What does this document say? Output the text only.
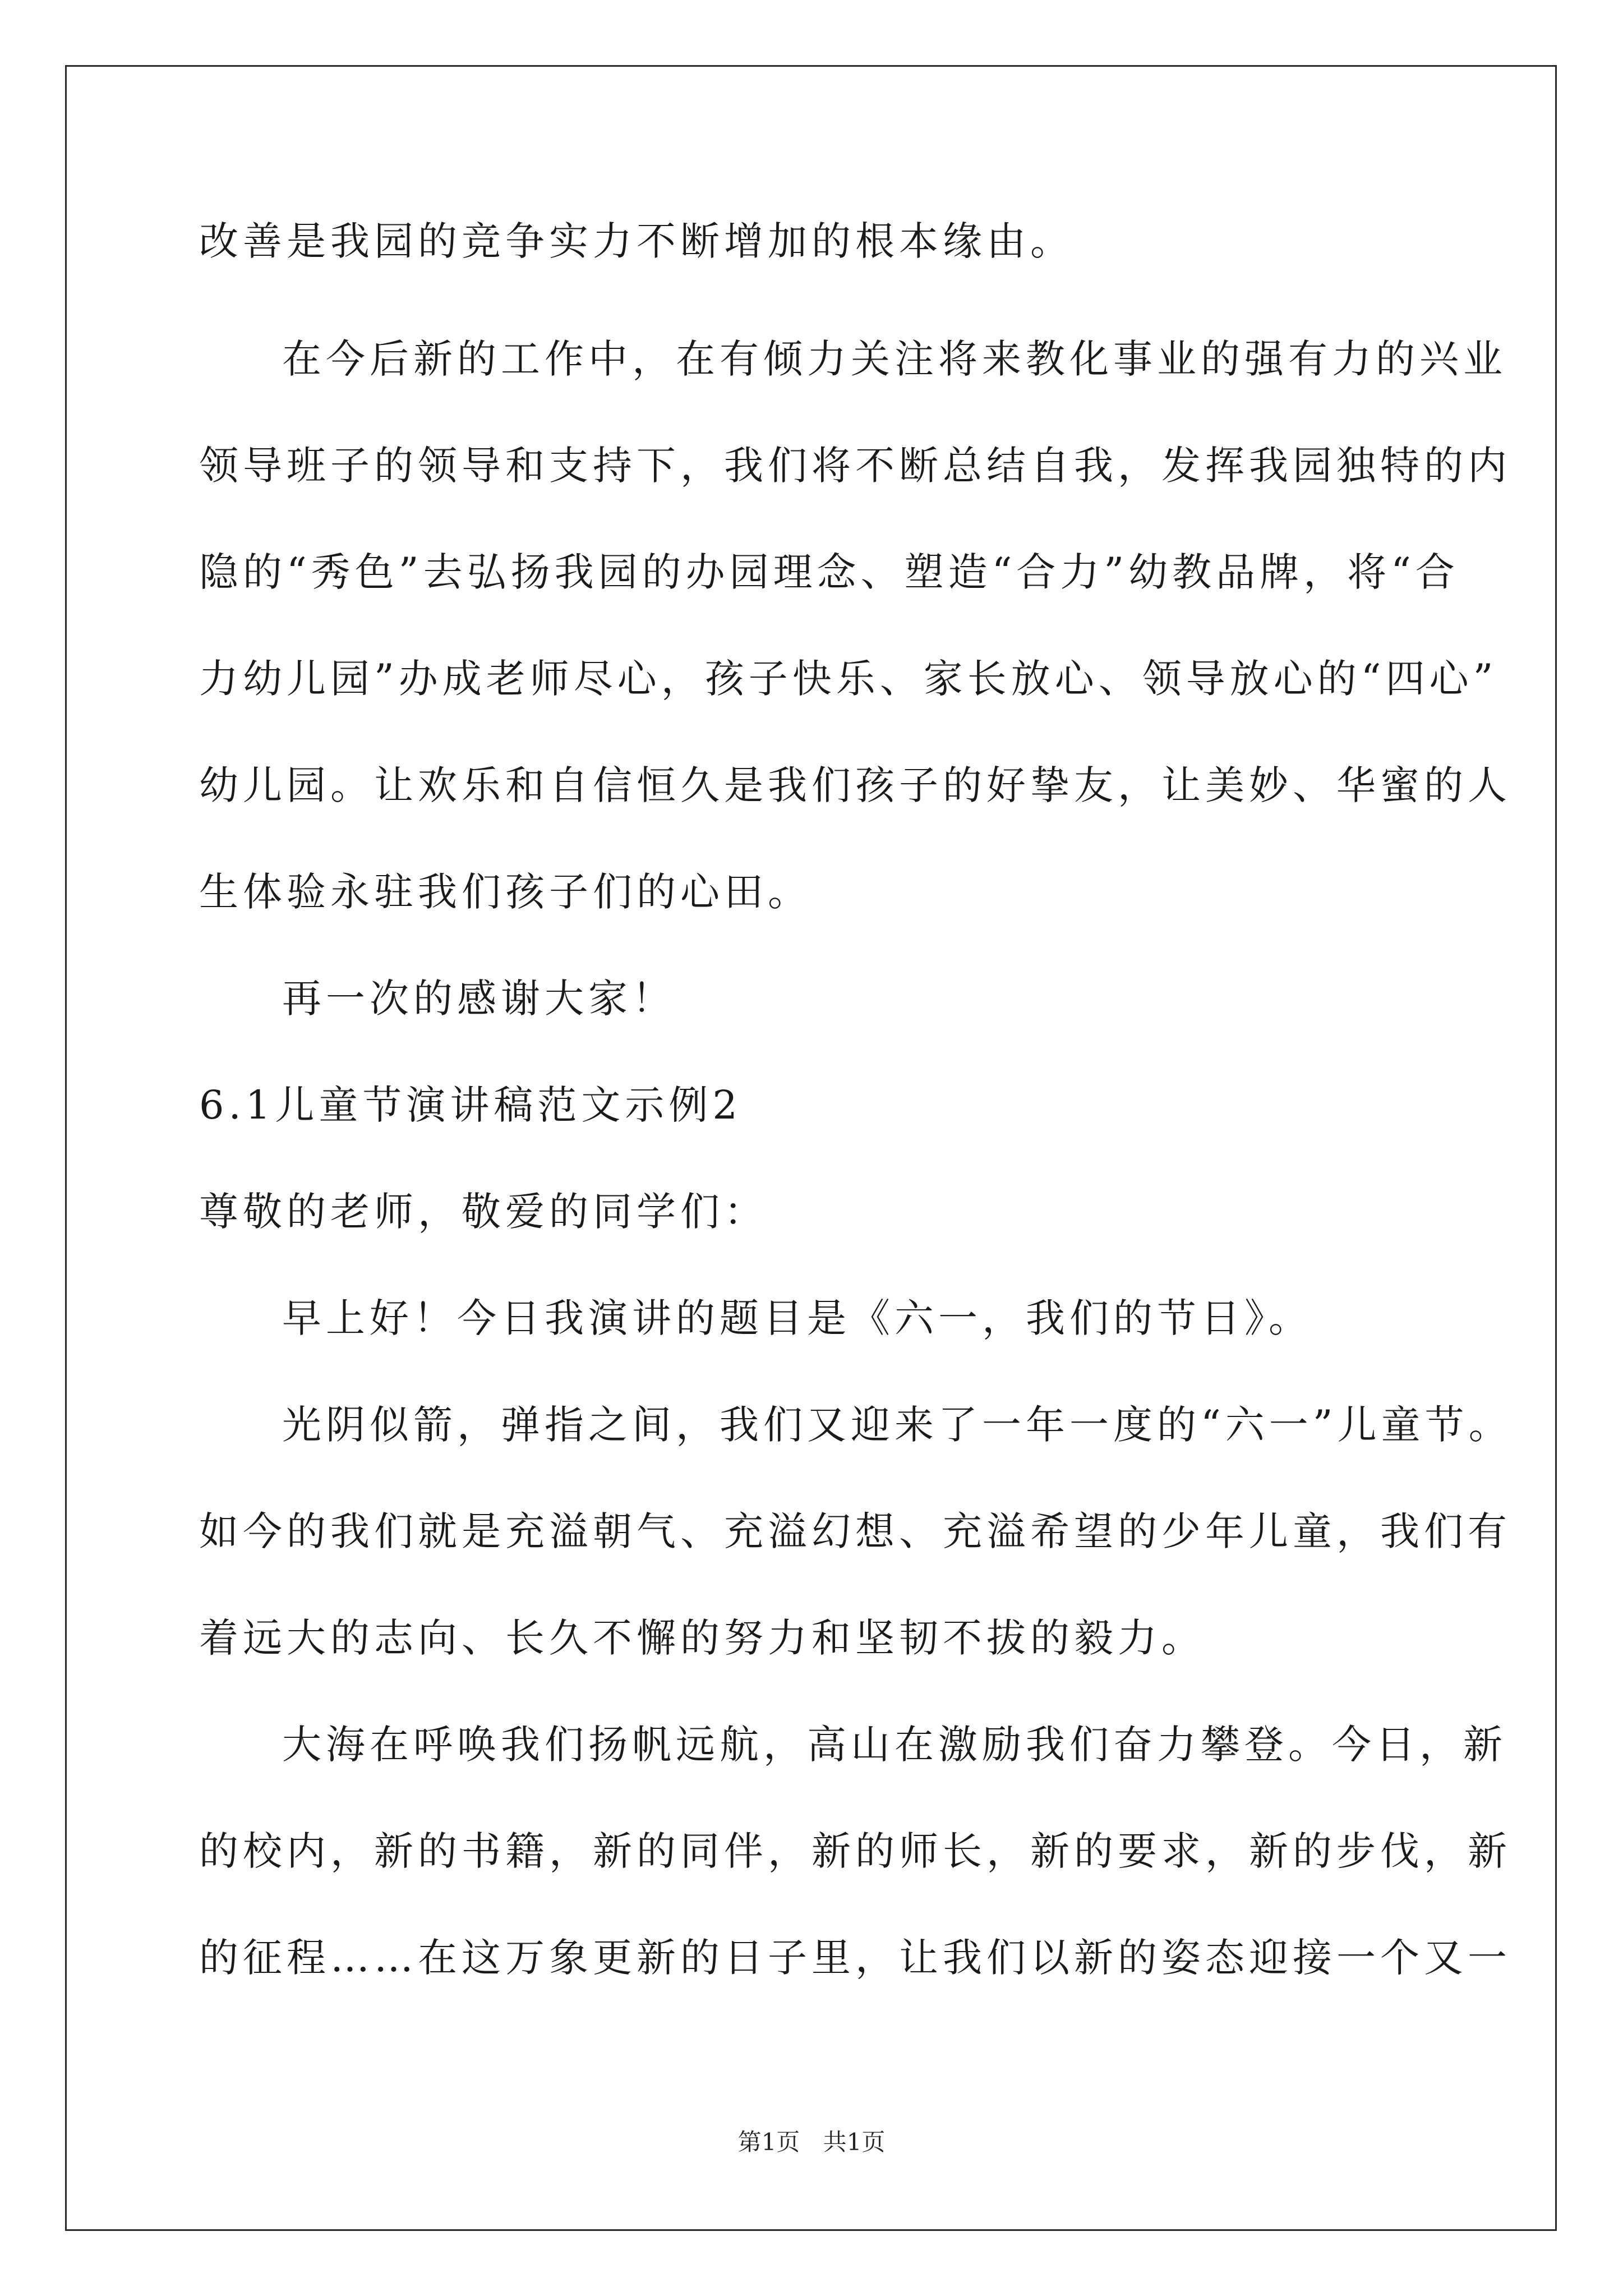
改善是我园的竞争实力不断增加的根本缘由。
在今后新的工作中，在有倾力关注将来教化事业的强有力的兴业
领导班子的领导和支持下，我们将不断总结自我，发挥我园独特的内
隐的“秀色”去弘扬我园的办园理念、塑造“合力”幼教品牌，将“合
力幼儿园”办成老师尽心，孩子快乐、家长放心、领导放心的“四心”
幼儿园。让欢乐和自信恒久是我们孩子的好挚友，让美妙、华蜜的人
生体验永驻我们孩子们的心田。
再一次的感谢大家！
6.1儿童节演讲稿范文示例2
尊敬的老师，敬爱的同学们：
早上好！今日我演讲的题目是《六一，我们的节日》。
光阴似箭，弹指之间，我们又迎来了一年一度的“六一”儿童节。
如今的我们就是充溢朝气、充溢幻想、充溢希望的少年儿童，我们有
着远大的志向、长久不懈的努力和坚韧不拔的毅力。
大海在呼唤我们扬帆远航，高山在激励我们奋力攀登。今日，新
的校内，新的书籍，新的同伴，新的师长，新的要求，新的步伐，新
的征程……在这万象更新的日子里，让我们以新的姿态迎接一个又一
第1页 共1页
